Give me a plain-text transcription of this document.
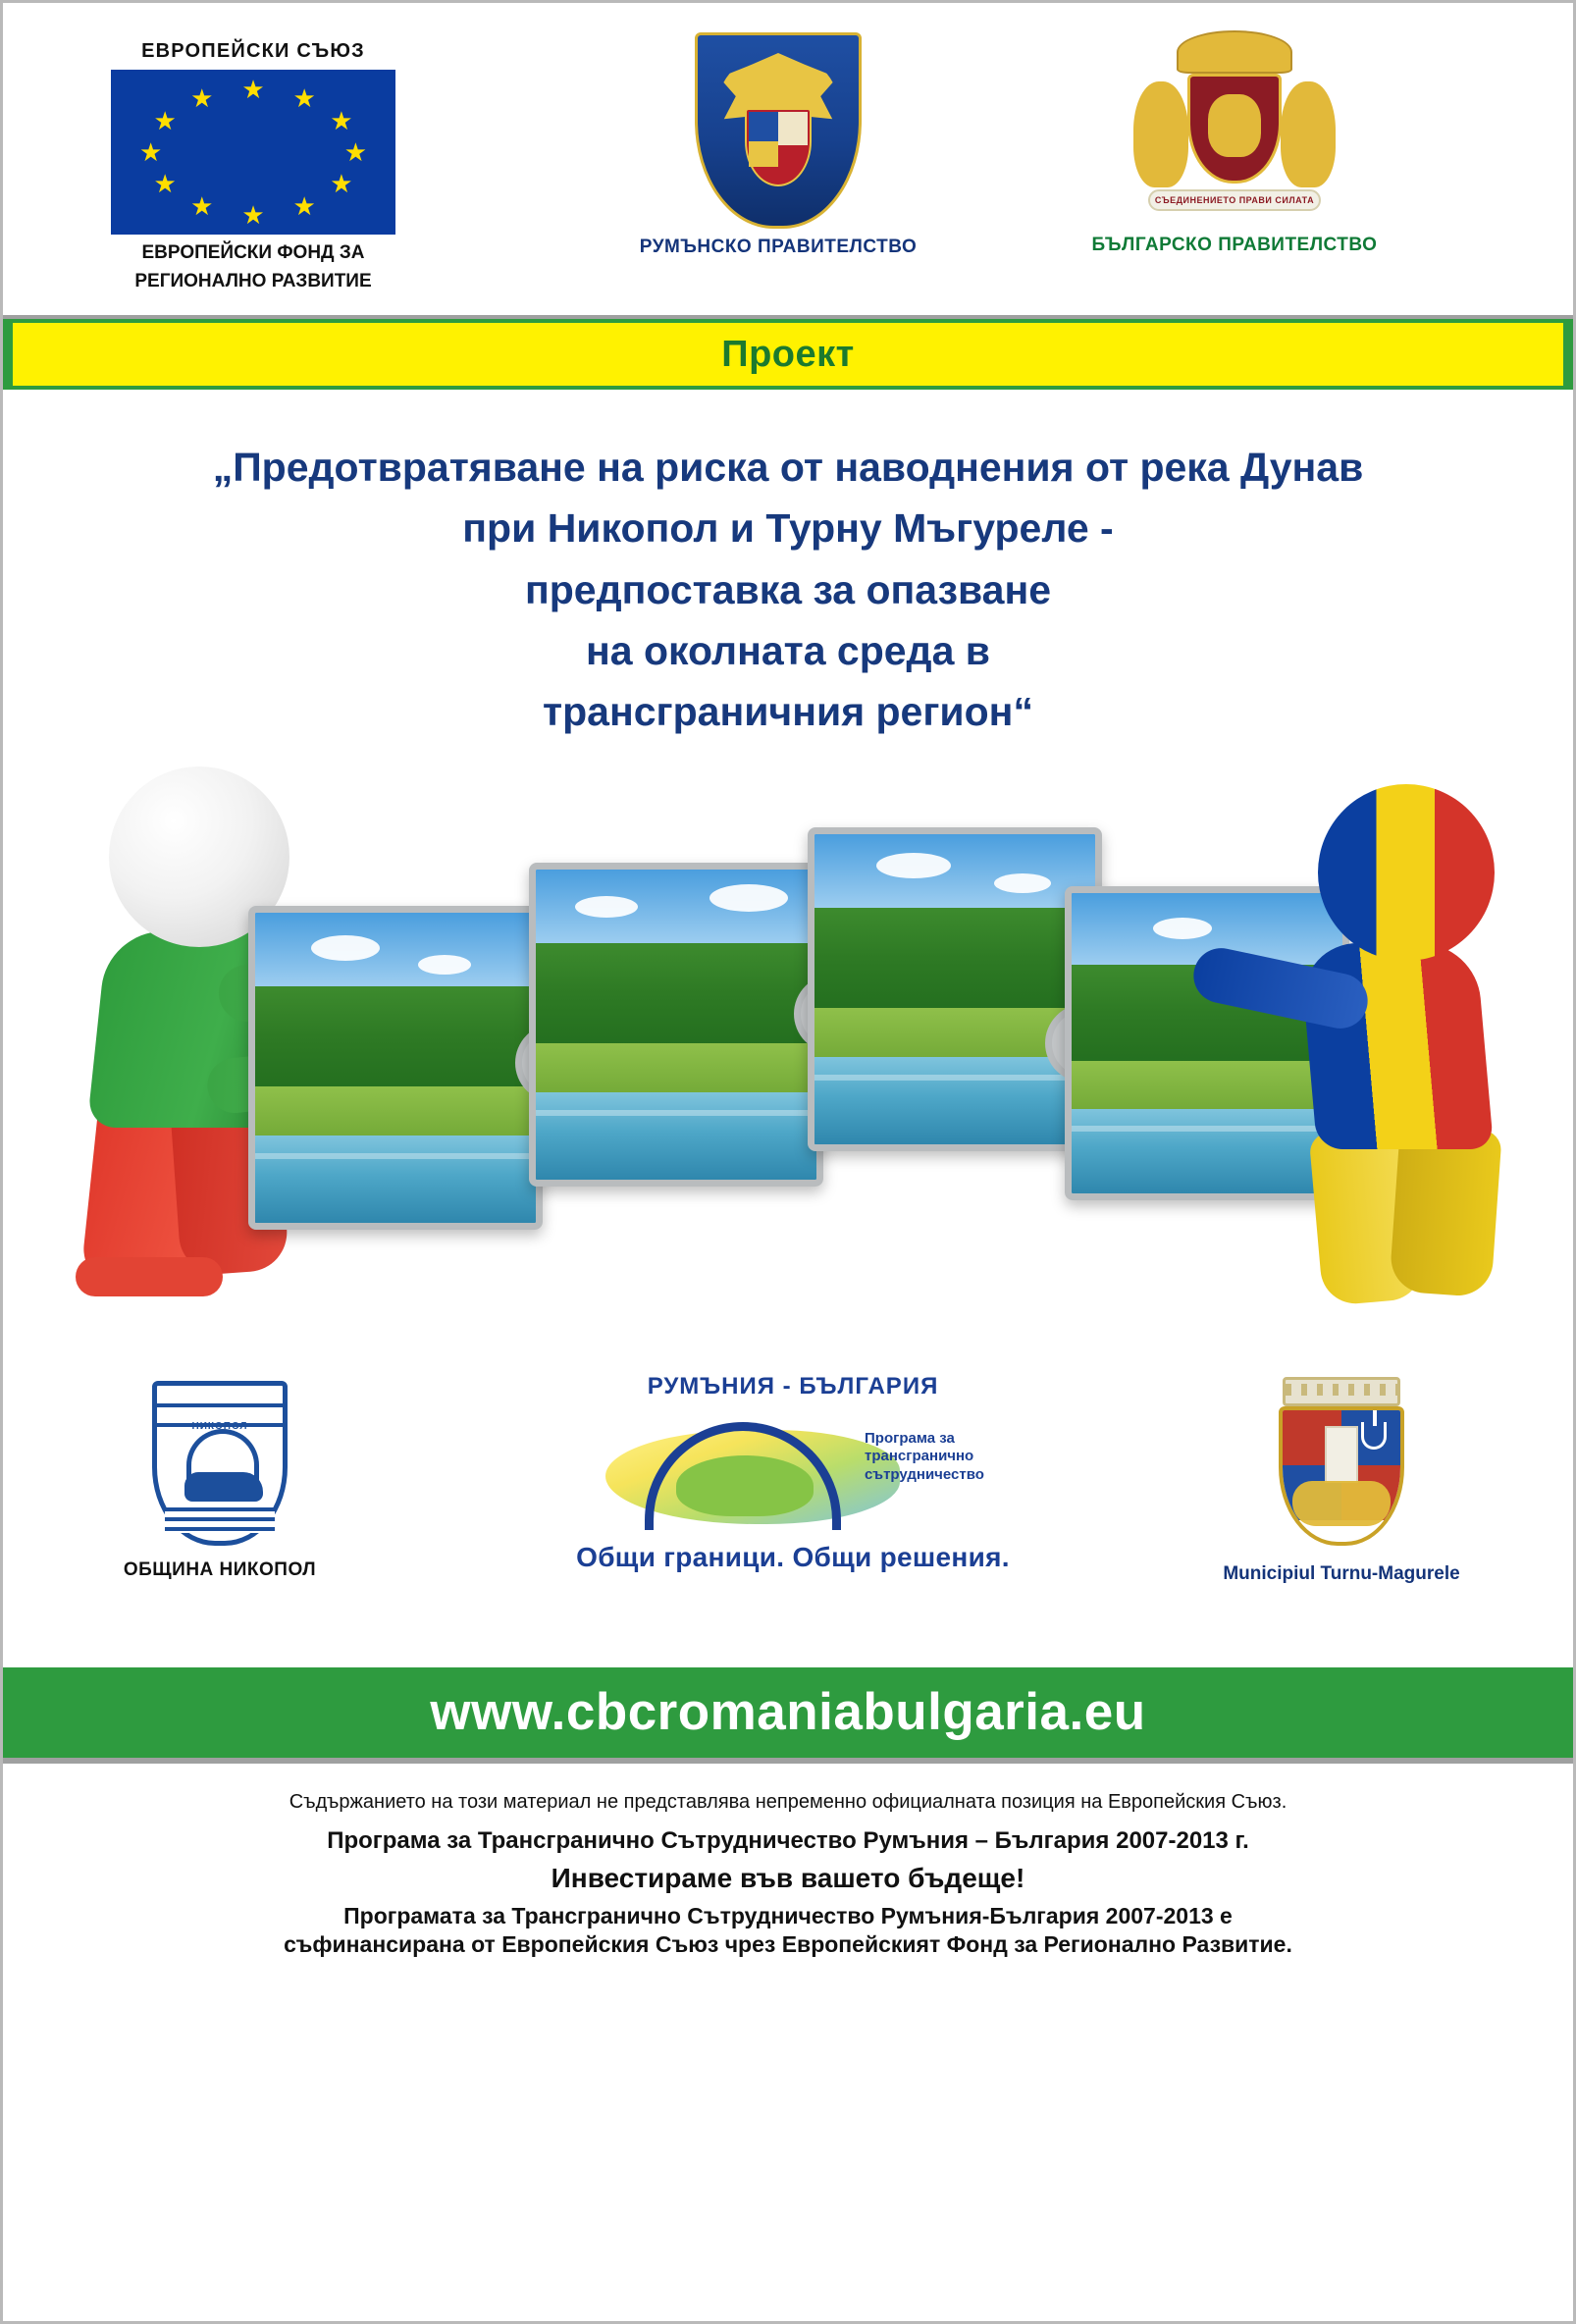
ЕВРОПЕЙСКИ СЪЮЗ
★ ★
★
★
★
★
★
★
★
★
★
★
ЕВРОПЕЙСКИ ФОНД ЗА
РЕГИОНАЛНО РАЗВИТИЕ
РУМЪНСКО ПРАВИТЕЛСТВО
СЪЕДИНЕНИЕТО ПРАВИ СИЛАТА
БЪЛГАРСКО ПРАВИТЕЛСТВО
Проект
„Предотвратяване на риска от наводнения от река Дунав
при Никопол и Турну Мъгуреле -
предпоставка за опазване
на околната среда в
трансграничния регион“
НИКОПОЛ
ОБЩИНА НИКОПОЛ
РУМЪНИЯ - БЪЛГАРИЯ
Програма за
трансгранично
сътрудничество
Общи граници. Общи решения.
Municipiul Turnu-Magurele
www.cbcromaniabulgaria.eu
Съдържанието на този материал не представлява непременно официалната позиция на Европейския Съюз.
Програма за Трансгранично Сътрудничество Румъния – България 2007-2013 г.
Инвестираме във вашето бъдеще!
Програмата за Трансгранично Сътрудничество Румъния-България 2007-2013 е
съфинансирана от Европейския Съюз чрез Европейският Фонд за Регионално Развитие.
